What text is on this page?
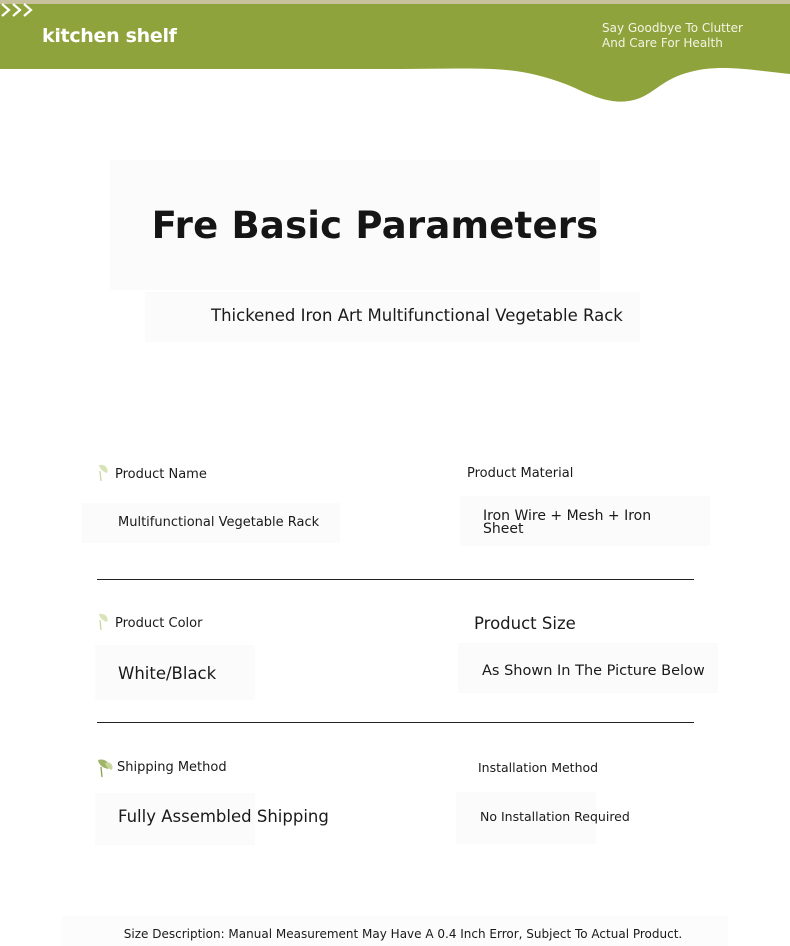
kitchen shelf	Say Goodbye To Clutter And Care For Health
Fre Basic Parameters
Thickened Iron Art Multifunctional Vegetable Rack
Product Name
Multifunctional Vegetable Rack
Product Material
Iron Wire + Mesh + Iron Sheet
Product Color
White/Black
Product Size
As Shown In The Picture Below
Shipping Method
Fully Assembled Shipping
Installation Method
No Installation Required
Size Description: Manual Measurement May Have A 0.4 Inch Error, Subject To Actual Product.
